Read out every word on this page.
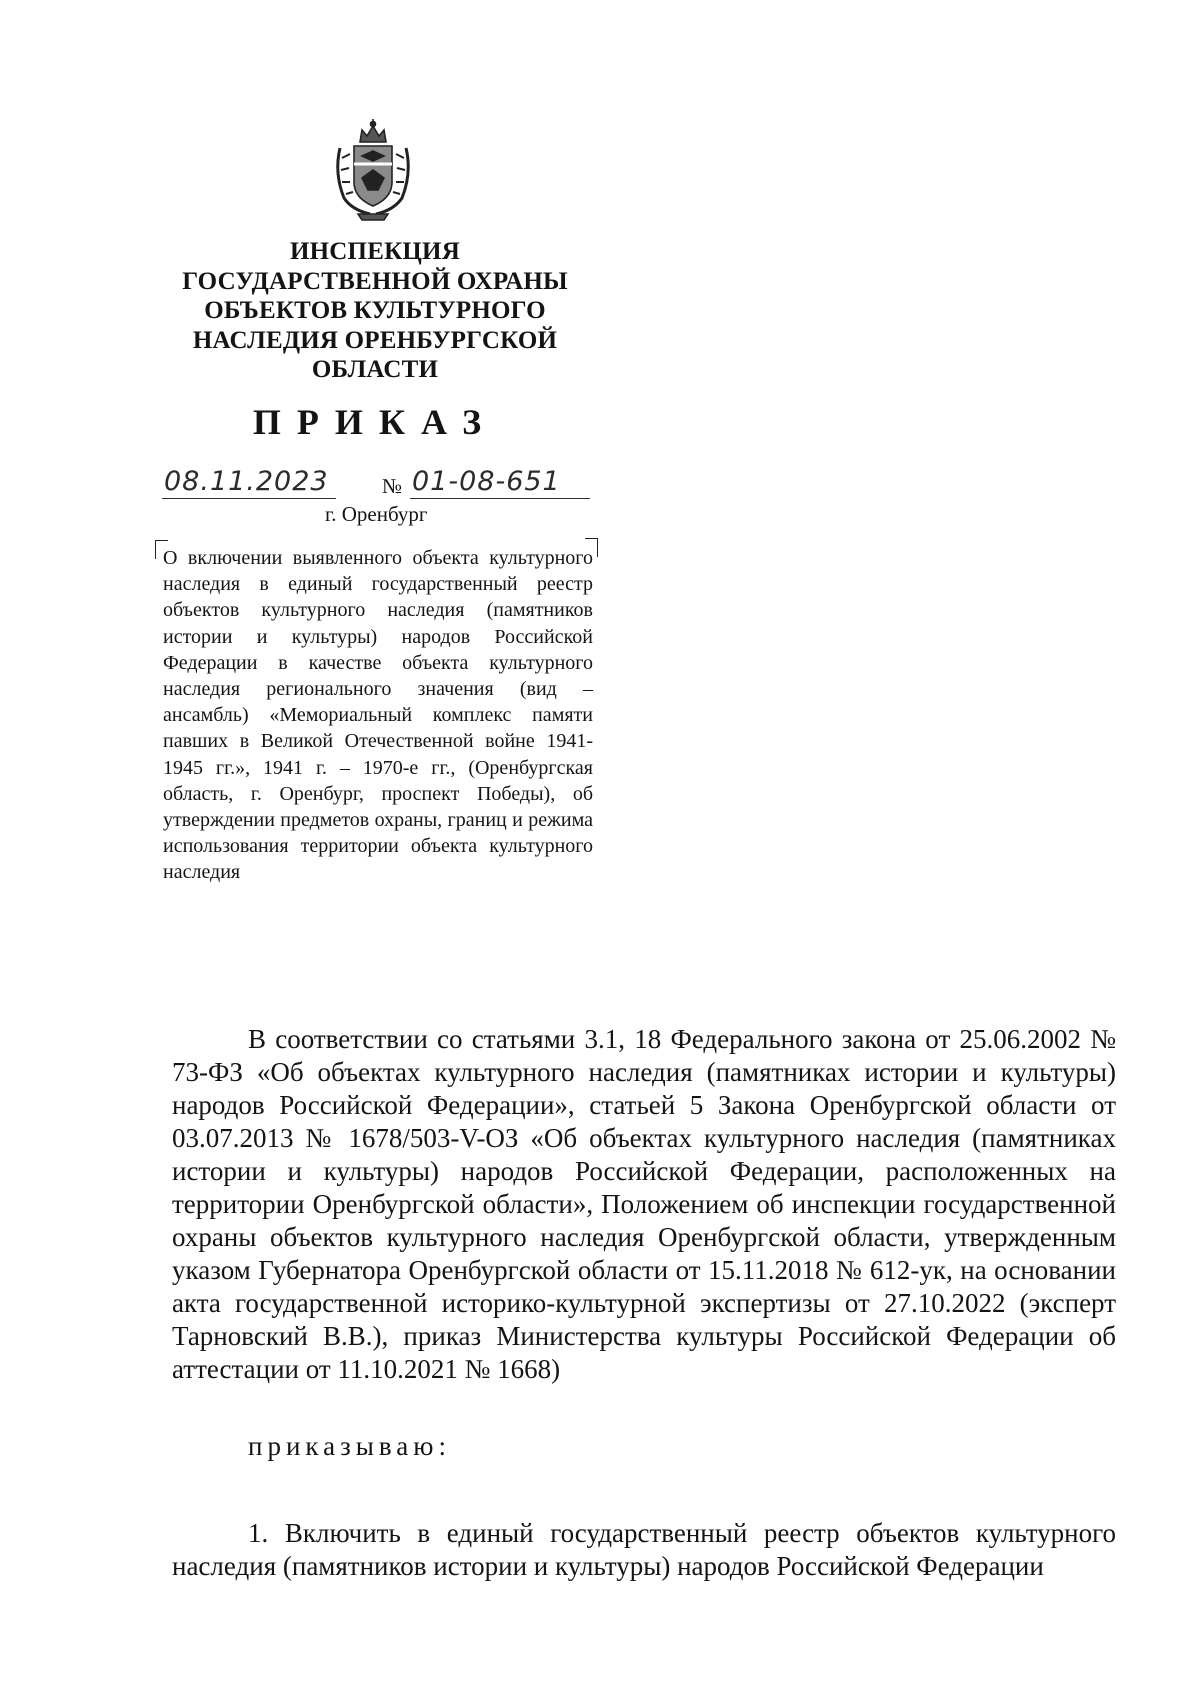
ИНСПЕКЦИЯ
ГОСУДАРСТВЕННОЙ ОХРАНЫ
ОБЪЕКТОВ КУЛЬТУРНОГО
НАСЛЕДИЯ ОРЕНБУРГСКОЙ
ОБЛАСТИ
ПРИКАЗ
08.11.2023	№ 01-08-651
г. Оренбург

О включении выявленного объекта культурного наследия в единый государственный реестр объектов культурного наследия (памятников истории и культуры) народов Российской Федерации в качестве объекта культурного наследия регионального значения (вид – ансамбль) «Мемориальный комплекс памяти павших в Великой Отечественной войне 1941-1945 гг.», 1941 г. – 1970-е гг., (Оренбургская область, г. Оренбург, проспект Победы), об утверждении предметов охраны, границ и режима использования территории объекта культурного наследия

В соответствии со статьями 3.1, 18 Федерального закона от 25.06.2002 № 73-ФЗ «Об объектах культурного наследия (памятниках истории и культуры) народов Российской Федерации», статьей 5 Закона Оренбургской области от 03.07.2013 № 1678/503-V-ОЗ «Об объектах культурного наследия (памятниках истории и культуры) народов Российской Федерации, расположенных на территории Оренбургской области», Положением об инспекции государственной охраны объектов культурного наследия Оренбургской области, утвержденным указом Губернатора Оренбургской области от 15.11.2018 № 612-ук, на основании акта государственной историко-культурной экспертизы от 27.10.2022 (эксперт Тарновский В.В.), приказ Министерства культуры Российской Федерации об аттестации от 11.10.2021 № 1668)

приказываю:

1. Включить в единый государственный реестр объектов культурного наследия (памятников истории и культуры) народов Российской Федерации
